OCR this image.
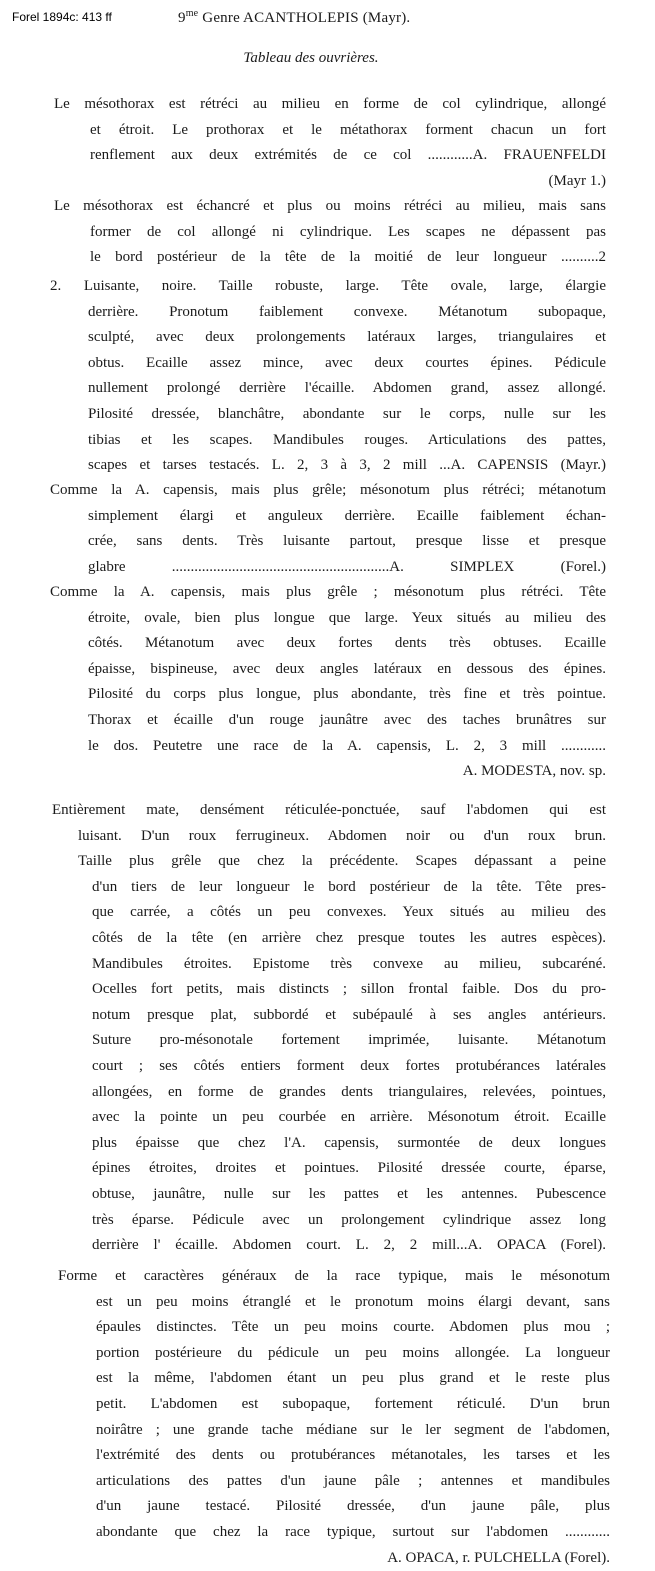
Forel 1894c: 413 ff	$9^{me}$ Genre ACANTHOLEPIS (Mayr).
Tableau des ouvrières.
Le mésothorax est rétréci au milieu en forme de col cylindrique, allongé
et étroit. Le prothorax et le métathorax forment chacun un fort
renflement aux deux extrémités de ce col ............A. FRAUENFELDI
(Mayr 1.)
Le mésothorax est échancré et plus ou moins rétréci au milieu, mais sans
former de col allongé ni cylindrique. Les scapes ne dépassent pas
le bord postérieur de la tête de la moitié de leur longueur ..........2
2. Luisante, noire. Taille robuste, large. Tête ovale, large, élargie
derrière. Pronotum faiblement convexe. Métanotum subopaque,
sculpté, avec deux prolongements latéraux larges, triangulaires et
obtus. Ecaille assez mince, avec deux courtes épines. Pédicule
nullement prolongé derrière l'écaille. Abdomen grand, assez allongé.
Pilosité dressée, blanchâtre, abondante sur le corps, nulle sur les
tibias et les scapes. Mandibules rouges. Articulations des pattes,
scapes et tarses testacés. L. 2, 3 à 3, 2 mill ...A. CAPENSIS (Mayr.)
Comme la A. capensis, mais plus grêle; mésonotum plus rétréci; métanotum
simplement élargi et anguleux derrière. Ecaille faiblement échan-
crée, sans dents. Très luisante partout, presque lisse et presque
glabre ..........................................................A. SIMPLEX (Forel.)
Comme la A. capensis, mais plus grêle ; mésonotum plus rétréci. Tête
étroite, ovale, bien plus longue que large. Yeux situés au milieu des
côtés. Métanotum avec deux fortes dents très obtuses. Ecaille
épaisse, bispineuse, avec deux angles latéraux en dessous des épines.
Pilosité du corps plus longue, plus abondante, très fine et très pointue.
Thorax et écaille d'un rouge jaunâtre avec des taches brunâtres sur
le dos. Peutetre une race de la A. capensis, L. 2, 3 mill ............
A. MODESTA, nov. sp.
Entièrement mate, densément réticulée-ponctuée, sauf l'abdomen qui est
luisant. D'un roux ferrugineux. Abdomen noir ou d'un roux brun.
Taille plus grêle que chez la précédente. Scapes dépassant a peine
d'un tiers de leur longueur le bord postérieur de la tête. Tête pres-
que carrée, a côtés un peu convexes. Yeux situés au milieu des
côtés de la tête (en arrière chez presque toutes les autres espèces).
Mandibules étroites. Epistome très convexe au milieu, subcaréné.
Ocelles fort petits, mais distincts ; sillon frontal faible. Dos du pro-
notum presque plat, subbordé et subépaulé à ses angles antérieurs.
Suture pro-mésonotale fortement imprimée, luisante. Métanotum
court ; ses côtés entiers forment deux fortes protubérances latérales
allongées, en forme de grandes dents triangulaires, relevées, pointues,
avec la pointe un peu courbée en arrière. Mésonotum étroit. Ecaille
plus épaisse que chez l'A. capensis, surmontée de deux longues
épines étroites, droites et pointues. Pilosité dressée courte, éparse,
obtuse, jaunâtre, nulle sur les pattes et les antennes. Pubescence
très éparse. Pédicule avec un prolongement cylindrique assez long
derrière l' écaille. Abdomen court. L. 2, 2 mill...A. OPACA (Forel).
Forme et caractères généraux de la race typique, mais le mésonotum
est un peu moins étranglé et le pronotum moins élargi devant, sans
épaules distinctes. Tête un peu moins courte. Abdomen plus mou ;
portion postérieure du pédicule un peu moins allongée. La longueur
est la même, l'abdomen étant un peu plus grand et le reste plus
petit. L'abdomen est subopaque, fortement réticulé. D'un brun
noirâtre ; une grande tache médiane sur le ler segment de l'abdomen,
l'extrémité des dents ou protubérances métanotales, les tarses et les
articulations des pattes d'un jaune pâle ; antennes et mandibules
d'un jaune testacé. Pilosité dressée, d'un jaune pâle, plus
abondante que chez la race typique, surtout sur l'abdomen ............
A. OPACA, r. PULCHELLA (Forel).
